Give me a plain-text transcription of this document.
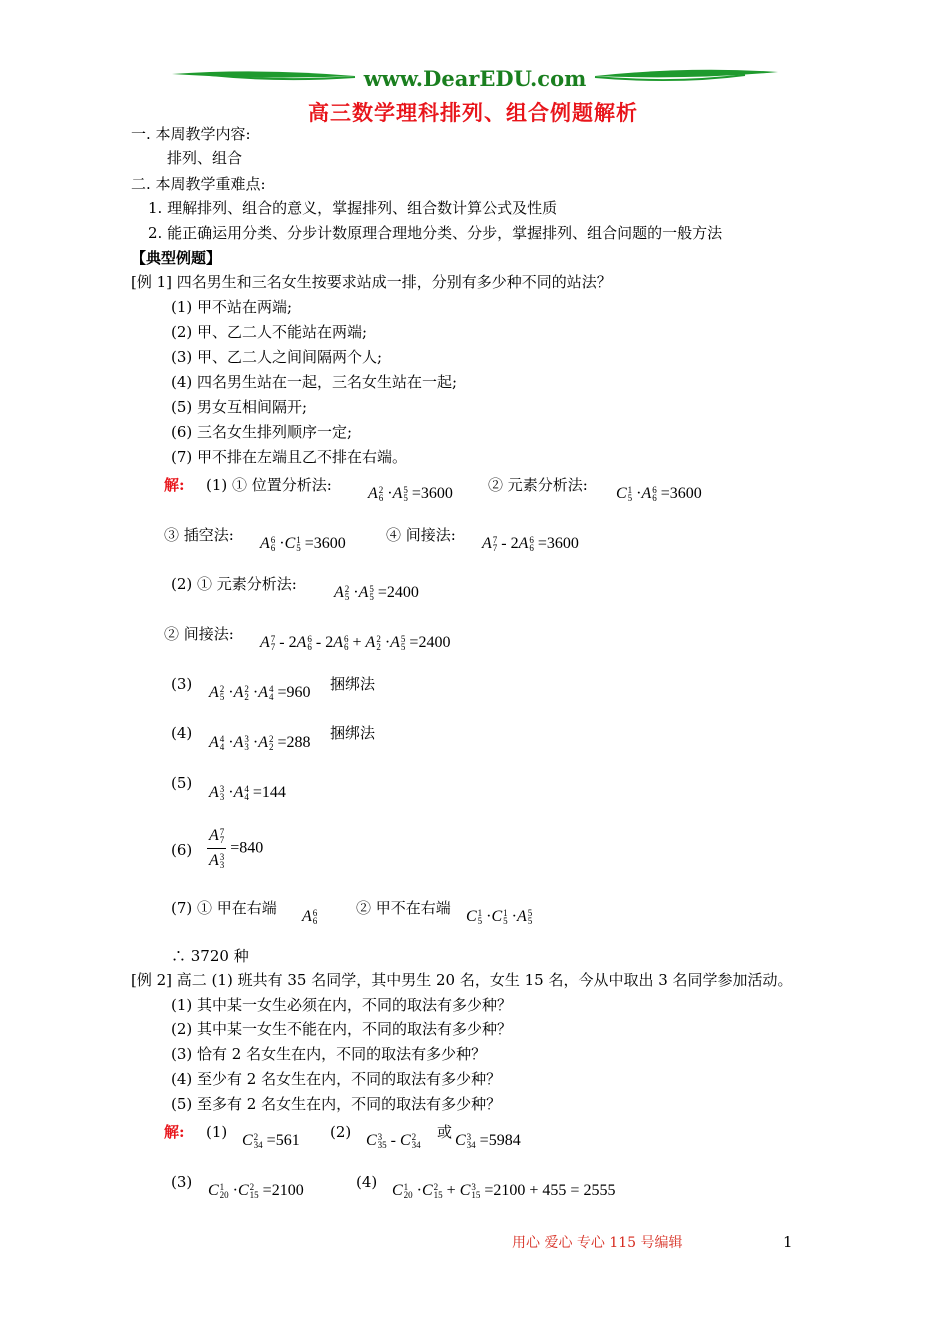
www.DearEDU.com
高三数学理科排列、组合例题解析
一. 本周教学内容:
排列、组合
二. 本周教学重难点:
1. 理解排列、组合的意义，掌握排列、组合数计算公式及性质
2. 能正确运用分类、分步计数原理合理地分类、分步，掌握排列、组合问题的一般方法
【典型例题】
[例 1] 四名男生和三名女生按要求站成一排，分别有多少种不同的站法？
(1) 甲不站在两端;
(2) 甲、乙二人不能站在两端;
(3) 甲、乙二人之间间隔两个人;
(4) 四名男生站在一起，三名女生站在一起;
(5) 男女互相间隔开;
(6) 三名女生排列顺序一定;
(7) 甲不排在左端且乙不排在右端。
解: (1) ① 位置分析法: A 2
6 ·A 5
5 =3600 ② 元素分析法: C 1
5 ·A 6
6 =3600
③ 插空法: A 6
6 ·C 1
5 =3600	④ 间接法: A 7
7 - 2A 6
6 =3600
(2) ① 元素分析法: A 2
5 ·A 5
5 =2400
② 间接法: A 7
7 - 2A 6
6 - 2A 6
6 + A 2
2 ·A 5
5 =2400
(3) A 2
5 ·A 2
2 ·A 4
4 =960 捆绑法
(4)
A 4
4 ·A 3
3 ·A 2
2 =288
捆绑法
(5)
A 3
3 ·A 4
4 =144
(6) A 7
7
A 3
3 =840
(7) ① 甲在右端 A 6
6
② 甲不在右端 C 1
5 ·C 1
5 ·A 5
5
∴ 3720 种
[例 2] 高二 (1) 班共有 35 名同学，其中男生 20 名，女生 15 名，今从中取出 3 名同学参加活动。
(1) 其中某一女生必须在内，不同的取法有多少种？
(2) 其中某一女生不能在内，不同的取法有多少种？
(3) 恰有 2 名女生在内，不同的取法有多少种？
(4) 至少有 2 名女生在内，不同的取法有多少种？
(5) 至多有 2 名女生在内，不同的取法有多少种？
解: (1) C 2
34 =561 (2) C 3
35 - C 2
34
或 C 3
34 =5984
(3) C 1
20 ·C 2
15 =2100	(4) C 1
20 ·C 2
15 + C 3
15 =2100 + 455 = 2555
用心 爱心 专心 115 号编辑	1
